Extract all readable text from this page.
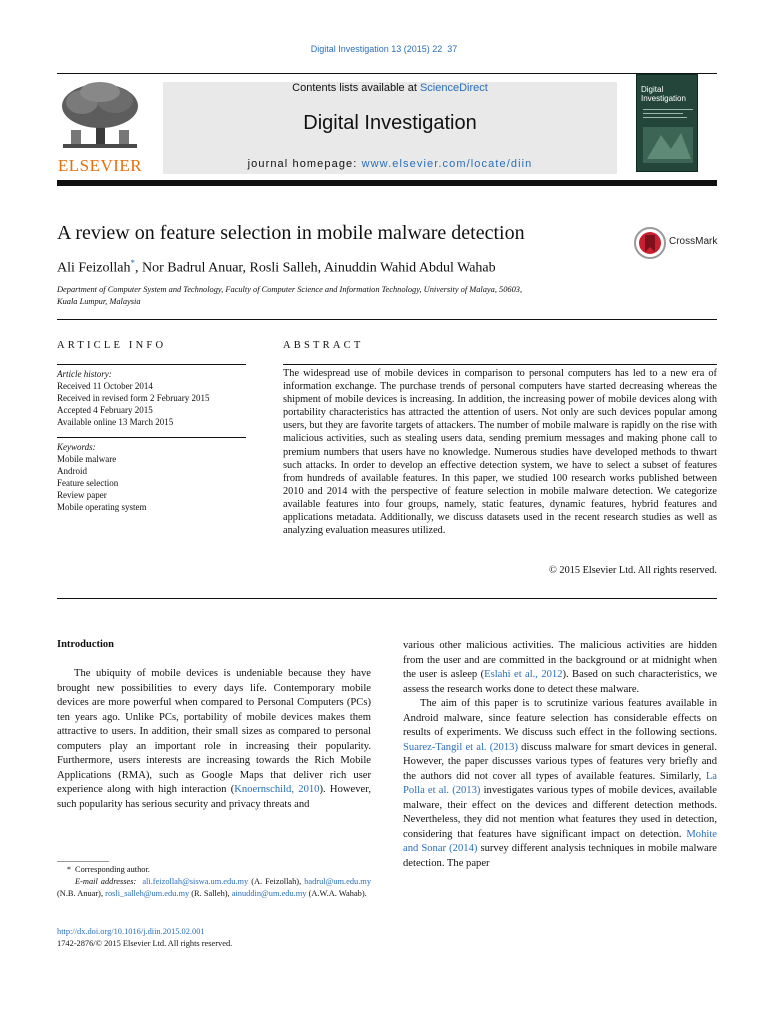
Digital Investigation 13 (2015) 22  37
ELSEVIER
Contents lists available at ScienceDirect
Digital Investigation
journal homepage: www.elsevier.com/locate/diin
Digital
Investigation
A review on feature selection in mobile malware detection	CrossMark
Ali Feizollah*, Nor Badrul Anuar, Rosli Salleh, Ainuddin Wahid Abdul Wahab
Department of Computer System and Technology, Faculty of Computer Science and Information Technology, University of Malaya, 50603,
Kuala Lumpur, Malaysia
ARTICLE INFO
Article history:
Received 11 October 2014
Received in revised form 2 February 2015
Accepted 4 February 2015
Available online 13 March 2015
Keywords:
Mobile malware
Android
Feature selection
Review paper
Mobile operating system
ABSTRACT
The widespread use of mobile devices in comparison to personal computers has led to a new era of information exchange. The purchase trends of personal computers have started decreasing whereas the shipment of mobile devices is increasing. In addition, the increasing power of mobile devices along with portability characteristics has attracted the attention of users. Not only are such devices popular among users, but they are favorite targets of attackers. The number of mobile malware is rapidly on the rise with malicious activities, such as stealing users data, sending premium messages and making phone call to premium numbers that users have no knowledge. Numerous studies have developed methods to thwart such attacks. In order to develop an effective detection system, we have to select a subset of features from hundreds of available features. In this paper, we studied 100 research works published between 2010 and 2014 with the perspective of feature selection in mobile malware detection. We categorize available features into four groups, namely, static features, dynamic features, hybrid features and applications metadata. Additionally, we discuss datasets used in the recent research studies as well as analyzing evaluation measures utilized.
© 2015 Elsevier Ltd. All rights reserved.
Introduction

The ubiquity of mobile devices is undeniable because they have brought new possibilities to every days life. Contemporary mobile devices are more powerful when compared to Personal Computers (PCs) ten years ago. Unlike PCs, portability of mobile devices makes them attractive to users. In addition, their small sizes as compared to personal computers play an important role in increasing their popularity. Furthermore, users interests are increasing towards the Rich Mobile Applications (RMA), such as Google Maps that deliver rich user experience along with high interaction (Knoernschild, 2010). However, such popularity has serious security and privacy threats and

various other malicious activities. The malicious activities are hidden from the user and are committed in the background or at midnight when the user is asleep (Eslahi et al., 2012). Based on such characteristics, we assess the research works done to detect these malware.

The aim of this paper is to scrutinize various features available in Android malware, since feature selection has considerable effects on results of experiments. We discuss such effect in the following sections. Suarez-Tangil et al. (2013) discuss malware for smart devices in general. However, the paper discusses various types of features very briefly and the authors did not cover all types of available features. Similarly, La Polla et al. (2013) investigates various types of mobile devices, available malware, their effect on the devices and different detection methods. Nevertheless, they did not mention what features they used in detection, considering that features have significant impact on detection. Mohite and Sonar (2014) survey different analysis techniques in mobile malware detection. The paper

* Corresponding author.
E-mail addresses: ali.feizollah@siswa.um.edu.my (A. Feizollah), badrul@um.edu.my (N.B. Anuar), rosli_salleh@um.edu.my (R. Salleh), ainuddin@um.edu.my (A.W.A. Wahab).
http://dx.doi.org/10.1016/j.diin.2015.02.001
1742-2876/© 2015 Elsevier Ltd. All rights reserved.
